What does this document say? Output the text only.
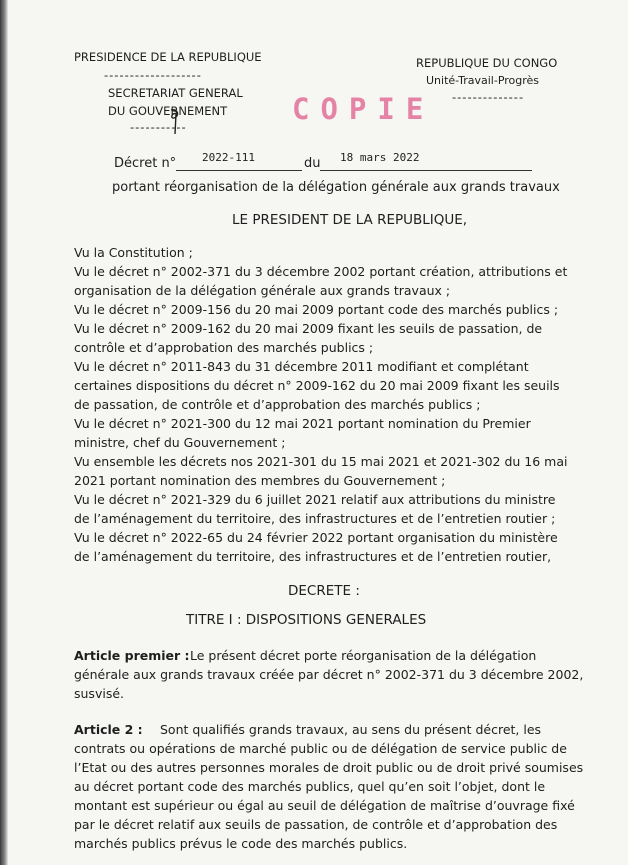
PRESIDENCE DE LA REPUBLIQUE
-------------------
SECRETARIAT GENERAL
DU GOUVERNEMENT
-----------
REPUBLIQUE DU CONGO
Unité-Travail-Progrès
--------------
COPIE
Décret n° 2022-111	du 18 mars 2022
portant réorganisation de la délégation générale aux grands travaux
LE PRESIDENT DE LA REPUBLIQUE,
Vu la Constitution ;
Vu le décret n° 2002-371 du 3 décembre 2002 portant création, attributions et
organisation de la délégation générale aux grands travaux ;
Vu le décret n° 2009-156 du 20 mai 2009 portant code des marchés publics ;
Vu le décret n° 2009-162 du 20 mai 2009 fixant les seuils de passation, de
contrôle et d’approbation des marchés publics ;
Vu le décret n° 2011-843 du 31 décembre 2011 modifiant et complétant
certaines dispositions du décret n° 2009-162 du 20 mai 2009 fixant les seuils
de passation, de contrôle et d’approbation des marchés publics ;
Vu le décret n° 2021-300 du 12 mai 2021 portant nomination du Premier
ministre, chef du Gouvernement ;
Vu ensemble les décrets nos 2021-301 du 15 mai 2021 et 2021-302 du 16 mai
2021 portant nomination des membres du Gouvernement ;
Vu le décret n° 2021-329 du 6 juillet 2021 relatif aux attributions du ministre
de l’aménagement du territoire, des infrastructures et de l’entretien routier ;
Vu le décret n° 2022-65 du 24 février 2022 portant organisation du ministère
de l’aménagement du territoire, des infrastructures et de l’entretien routier,
DECRETE :
TITRE I : DISPOSITIONS GENERALES
Article premier : Le présent décret porte réorganisation de la délégation
générale aux grands travaux créée par décret n° 2002-371 du 3 décembre 2002,
susvisé.
Article 2 : Sont qualifiés grands travaux, au sens du présent décret, les
contrats ou opérations de marché public ou de délégation de service public de
l’Etat ou des autres personnes morales de droit public ou de droit privé soumises
au décret portant code des marchés publics, quel qu’en soit l’objet, dont le
montant est supérieur ou égal au seuil de délégation de maîtrise d’ouvrage fixé
par le décret relatif aux seuils de passation, de contrôle et d’approbation des
marchés publics prévus le code des marchés publics.
